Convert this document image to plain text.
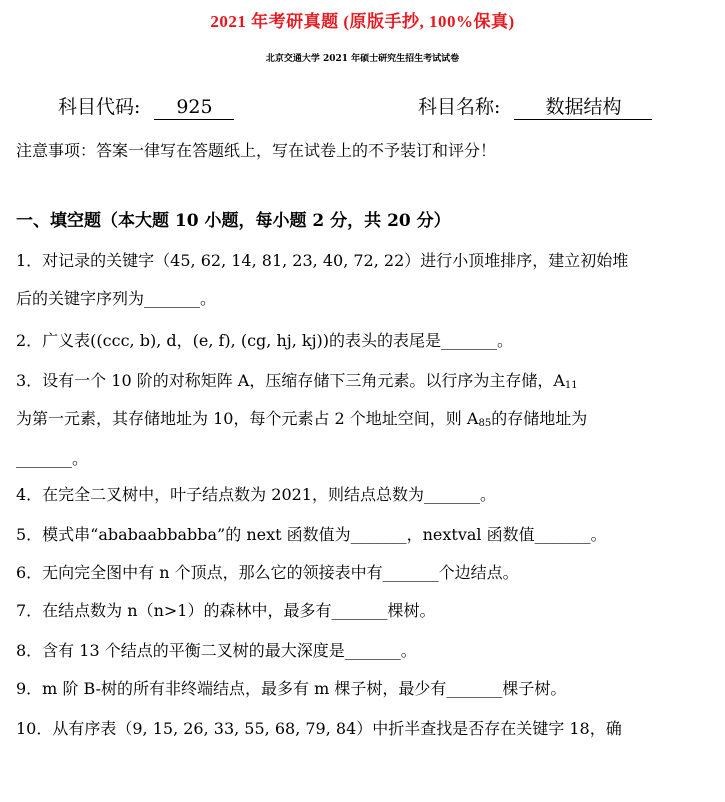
2021 年考研真题 (原版手抄, 100%保真)
北京交通大学 2021 年硕士研究生招生考试试卷
科目代码: 925	科目名称: 数据结构
注意事项：答案一律写在答题纸上，写在试卷上的不予装订和评分！
一、填空题（本大题 10 小题，每小题 2 分，共 20 分）
1．对记录的关键字（45, 62, 14, 81, 23, 40, 72, 22）进行小顶堆排序，建立初始堆
后的关键字序列为_______。
2．广义表((ccc, b), d，(e, f), (cg, hj, kj))的表头的表尾是_______。
3．设有一个 10 阶的对称矩阵 A，压缩存储下三角元素。以行序为主存储，$A_{11}$
为第一元素，其存储地址为 10，每个元素占 2 个地址空间，则 $A_{85}$的存储地址为
_______。
4．在完全二叉树中，叶子结点数为 2021，则结点总数为_______。
5．模式串“ababaabbabba”的 next 函数值为_______，nextval 函数值_______。
6．无向完全图中有 n 个顶点，那么它的领接表中有_______个边结点。
7．在结点数为 n（n>1）的森林中，最多有_______棵树。
8．含有 13 个结点的平衡二叉树的最大深度是_______。
9．m 阶 B-树的所有非终端结点，最多有 m 棵子树，最少有_______棵子树。
10．从有序表（9, 15, 26, 33, 55, 68, 79, 84）中折半查找是否存在关键字 18，确
